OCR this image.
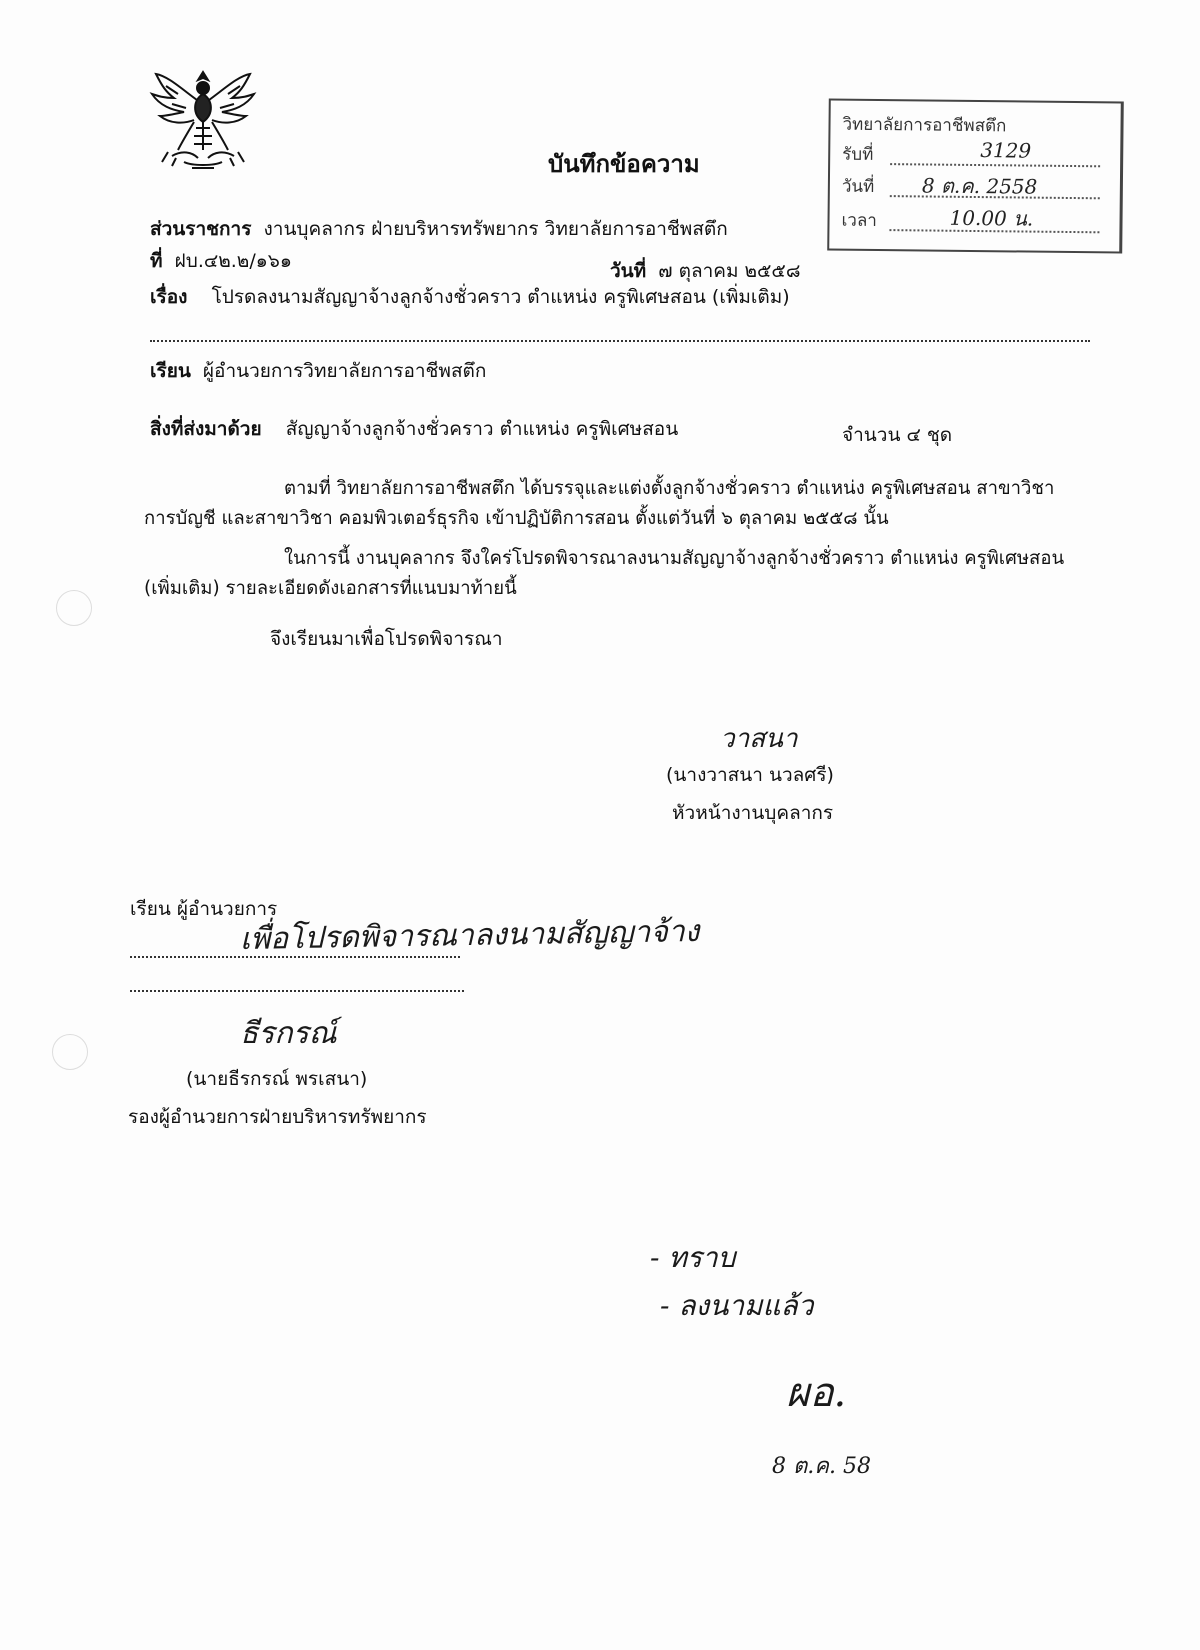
บันทึกข้อความ
วิทยาลัยการอาชีพสตึก
รับที่	3129
วันที่ 8 ต.ค. 2558
เวลา	10.00 น.
ส่วนราชการ งานบุคลากร ฝ่ายบริหารทรัพยากร วิทยาลัยการอาชีพสตึก
ที่ ฝบ.๔๒.๒/๑๖๑	วันที่ ๗ ตุลาคม ๒๕๕๘
เรื่อง โปรดลงนามสัญญาจ้างลูกจ้างชั่วคราว ตำแหน่ง ครูพิเศษสอน (เพิ่มเติม)
เรียน ผู้อำนวยการวิทยาลัยการอาชีพสตึก
สิ่งที่ส่งมาด้วย สัญญาจ้างลูกจ้างชั่วคราว ตำแหน่ง ครูพิเศษสอน	จำนวน ๔ ชุด
ตามที่ วิทยาลัยการอาชีพสตึก ได้บรรจุและแต่งตั้งลูกจ้างชั่วคราว ตำแหน่ง ครูพิเศษสอน สาขาวิชา
การบัญชี และสาขาวิชา คอมพิวเตอร์ธุรกิจ เข้าปฏิบัติการสอน ตั้งแต่วันที่ ๖ ตุลาคม ๒๕๕๘ นั้น
ในการนี้ งานบุคลากร จึงใคร่โปรดพิจารณาลงนามสัญญาจ้างลูกจ้างชั่วคราว ตำแหน่ง ครูพิเศษสอน
(เพิ่มเติม) รายละเอียดดังเอกสารที่แนบมาท้ายนี้
จึงเรียนมาเพื่อโปรดพิจารณา
วาสนา
(นางวาสนา นวลศรี)
หัวหน้างานบุคลากร
เรียน ผู้อำนวยการ
เพื่อโปรดพิจารณาลงนามสัญญาจ้าง
ธีรกรณ์
(นายธีรกรณ์ พรเสนา)
รองผู้อำนวยการฝ่ายบริหารทรัพยากร
- ทราบ
- ลงนามแล้ว
ผอ.
8 ต.ค. 58
